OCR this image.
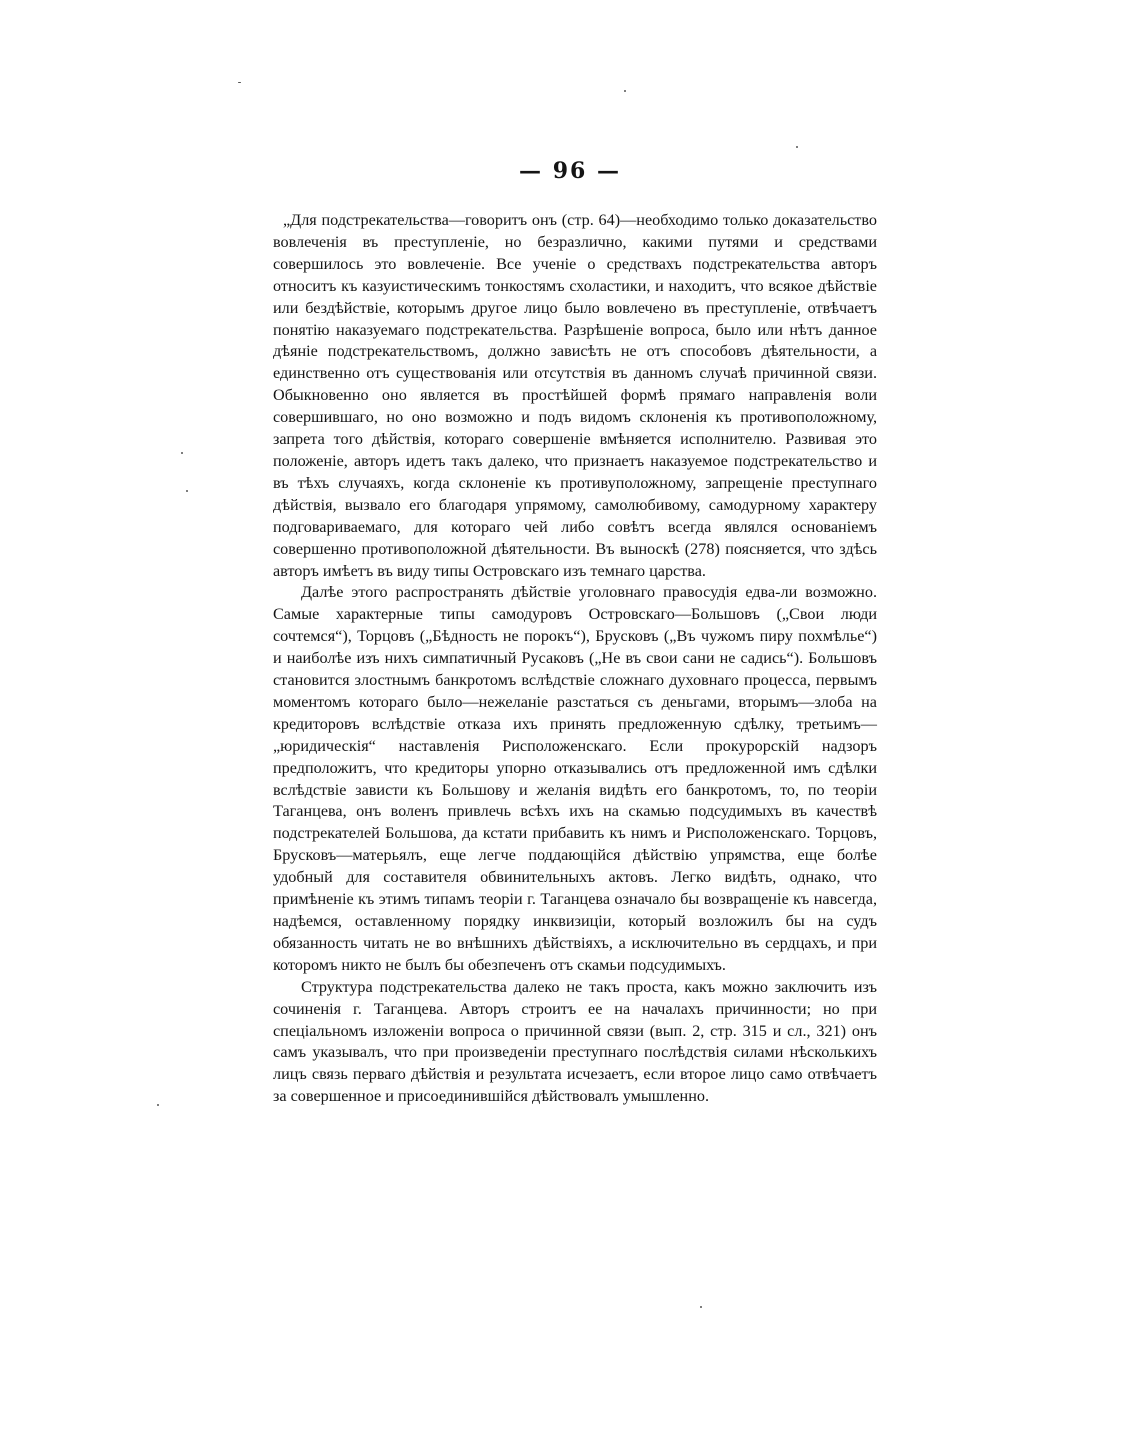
— 96 —

„Для подстрекательства—говоритъ онъ (стр. 64)—необходимо только доказательство вовлеченія въ преступленіе, но безразлично, какими путями и средствами совершилось это вовлеченіе. Все ученіе о средствахъ подстрекательства авторъ относитъ къ казуистическимъ тонкостямъ схоластики, и находитъ, что всякое дѣйствіе или бездѣйствіе, которымъ другое лицо было вовлечено въ преступленіе, отвѣчаетъ понятію наказуемаго подстрекательства. Разрѣшеніе вопроса, было или нѣтъ данное дѣяніе подстрекательствомъ, должно зависѣть не отъ способовъ дѣятельности, а единственно отъ существованія или отсутствія въ данномъ случаѣ причинной связи. Обыкновенно оно является въ простѣйшей формѣ прямаго направленія воли совершившаго, но оно возможно и подъ видомъ склоненія къ противоположному, запрета того дѣйствія, котораго совершеніе вмѣняется исполнителю. Развивая это положеніе, авторъ идетъ такъ далеко, что признаетъ наказуемое подстрекательство и въ тѣхъ случаяхъ, когда склоненіе къ противуположному, запрещеніе преступнаго дѣйствія, вызвало его благодаря упрямому, самолюбивому, самодурному характеру подговариваемаго, для котораго чей либо совѣтъ всегда являлся основаніемъ совершенно противоположной дѣятельности. Въ выноскѣ (278) поясняется, что здѣсь авторъ имѣетъ въ виду типы Островскаго изъ темнаго царства.

Далѣе этого распространять дѣйствіе уголовнаго правосудія едва-ли возможно. Самые характерные типы самодуровъ Островскаго—Большовъ („Свои люди сочтемся“), Торцовъ („Бѣдность не порокъ“), Брусковъ („Въ чужомъ пиру похмѣлье“) и наиболѣе изъ нихъ симпатичный Русаковъ („Не въ свои сани не садись“). Большовъ становится злостнымъ банкротомъ вслѣдствіе сложнаго духовнаго процесса, первымъ моментомъ котораго было—нежеланіе разстаться съ деньгами, вторымъ—злоба на кредиторовъ вслѣдствіе отказа ихъ принять предложенную сдѣлку, третьимъ—„юридическія“ наставленія Рисположенскаго. Если прокурорскій надзоръ предположитъ, что кредиторы упорно отказывались отъ предложенной имъ сдѣлки вслѣдствіе зависти къ Большову и желанія видѣть его банкротомъ, то, по теоріи Таганцева, онъ воленъ привлечь всѣхъ ихъ на скамью подсудимыхъ въ качествѣ подстрекателей Большова, да кстати прибавить къ нимъ и Рисположенскаго. Торцовъ, Брусковъ—матерьялъ, еще легче поддающійся дѣйствію упрямства, еще болѣе удобный для составителя обвинительныхъ актовъ. Легко видѣть, однако, что примѣненіе къ этимъ типамъ теоріи г. Таганцева означало бы возвращеніе къ навсегда, надѣемся, оставленному порядку инквизиціи, который возложилъ бы на судъ обязанность читать не во внѣшнихъ дѣйствіяхъ, а исключительно въ сердцахъ, и при которомъ никто не былъ бы обезпеченъ отъ скамьи подсудимыхъ.

Структура подстрекательства далеко не такъ проста, какъ можно заключить изъ сочиненія г. Таганцева. Авторъ строитъ ее на началахъ причинности; но при спеціальномъ изложеніи вопроса о причинной связи (вып. 2, стр. 315 и сл., 321) онъ самъ указывалъ, что при произведеніи преступнаго послѣдствія силами нѣсколькихъ лицъ связь перваго дѣйствія и результата исчезаетъ, если второе лицо само отвѣчаетъ за совершенное и присоединившійся дѣйствовалъ умышленно.
